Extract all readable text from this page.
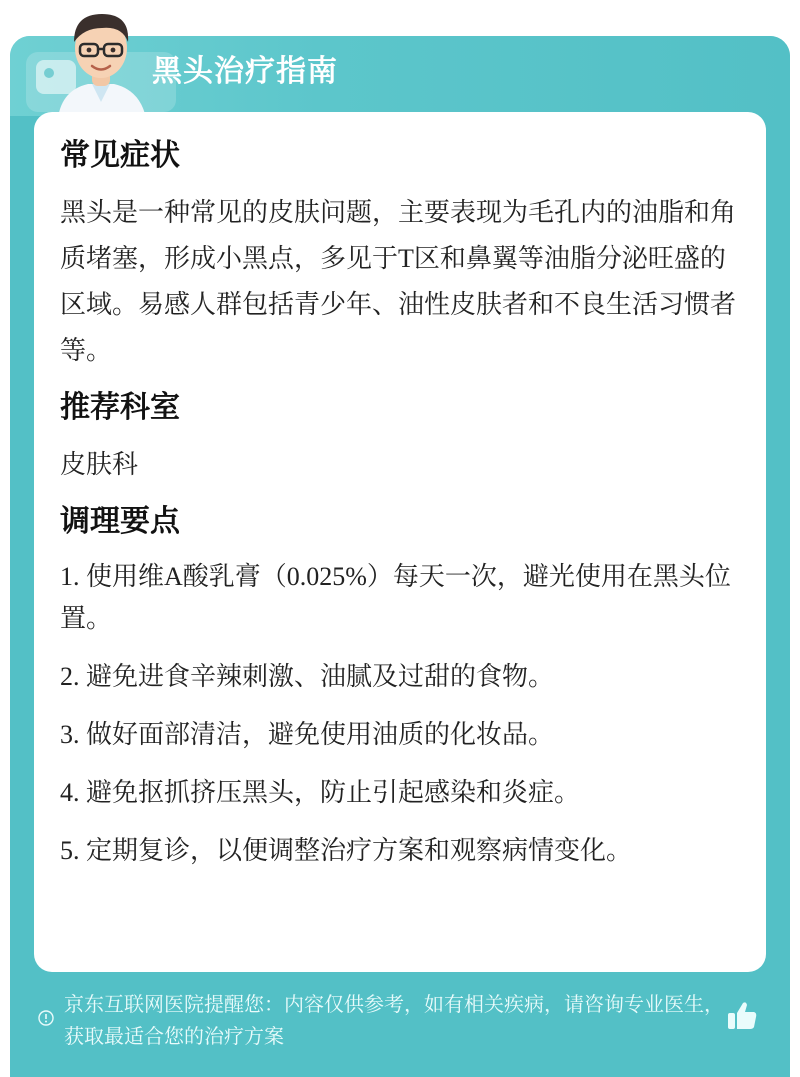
黑头治疗指南
常见症状

黑头是一种常见的皮肤问题，主要表现为毛孔内的油脂和角质堵塞，形成小黑点，多见于T区和鼻翼等油脂分泌旺盛的区域。易感人群包括青少年、油性皮肤者和不良生活习惯者等。

推荐科室

皮肤科

调理要点

1. 使用维A酸乳膏（0.025%）每天一次，避光使用在黑头位置。

2. 避免进食辛辣刺激、油腻及过甜的食物。

3. 做好面部清洁，避免使用油质的化妆品。

4. 避免抠抓挤压黑头，防止引起感染和炎症。

5. 定期复诊，以便调整治疗方案和观察病情变化。

京东互联网医院提醒您：内容仅供参考，如有相关疾病，请咨询专业医生，获取最适合您的治疗方案
